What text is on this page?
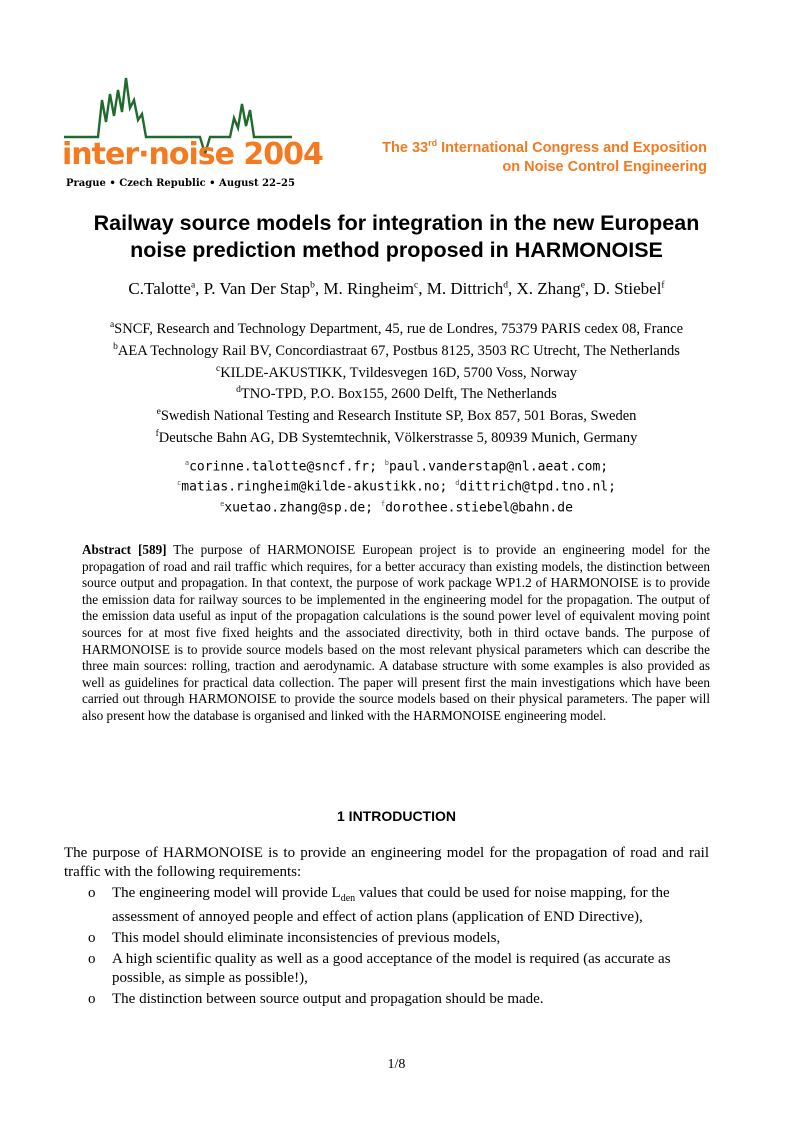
inter·noise 2004
Prague • Czech Republic • August 22–25
The 33rd International Congress and Exposition
on Noise Control Engineering
Railway source models for integration in the new European
noise prediction method proposed in HARMONOISE
C.Talotte$^a$, P. Van Der Stap$^b$, M. Ringheim$^c$, M. Dittrich$^d$, X. Zhang$^e$, D. Stiebel$^f$
$^a$SNCF, Research and Technology Department, 45, rue de Londres, 75379 PARIS cedex 08, France
$^b$AEA Technology Rail BV, Concordiastraat 67, Postbus 8125, 3503 RC Utrecht, The Netherlands
$^c$KILDE-AKUSTIKK, Tvildesvegen 16D, 5700 Voss, Norway
$^d$TNO-TPD, P.O. Box155, 2600 Delft, The Netherlands
$^e$Swedish National Testing and Research Institute SP, Box 857, 501 Boras, Sweden
$^f$Deutsche Bahn AG, DB Systemtechnik, Völkerstrasse 5, 80939 Munich, Germany
$^a$corinne.talotte@sncf.fr; $^b$paul.vanderstap@nl.aeat.com;
$^c$matias.ringheim@kilde-akustikk.no; $^d$dittrich@tpd.tno.nl;
$^e$xuetao.zhang@sp.de; $^f$dorothee.stiebel@bahn.de
Abstract [589] The purpose of HARMONOISE European project is to provide an engineering model for the propagation of road and rail traffic which requires, for a better accuracy than existing models, the distinction between source output and propagation. In that context, the purpose of work package WP1.2 of HARMONOISE is to provide the emission data for railway sources to be implemented in the engineering model for the propagation. The output of the emission data useful as input of the propagation calculations is the sound power level of equivalent moving point sources for at most five fixed heights and the associated directivity, both in third octave bands. The purpose of HARMONOISE is to provide source models based on the most relevant physical parameters which can describe the three main sources: rolling, traction and aerodynamic. A database structure with some examples is also provided as well as guidelines for practical data collection. The paper will present first the main investigations which have been carried out through HARMONOISE to provide the source models based on their physical parameters. The paper will also present how the database is organised and linked with the HARMONOISE engineering model.
1 INTRODUCTION
The purpose of HARMONOISE is to provide an engineering model for the propagation of road and rail traffic with the following requirements:
o The engineering model will provide $L_{den}$ values that could be used for noise mapping, for the assessment of annoyed people and effect of action plans (application of END Directive),
o This model should eliminate inconsistencies of previous models,
o A high scientific quality as well as a good acceptance of the model is required (as accurate as possible, as simple as possible!),
o The distinction between source output and propagation should be made.
1/8
